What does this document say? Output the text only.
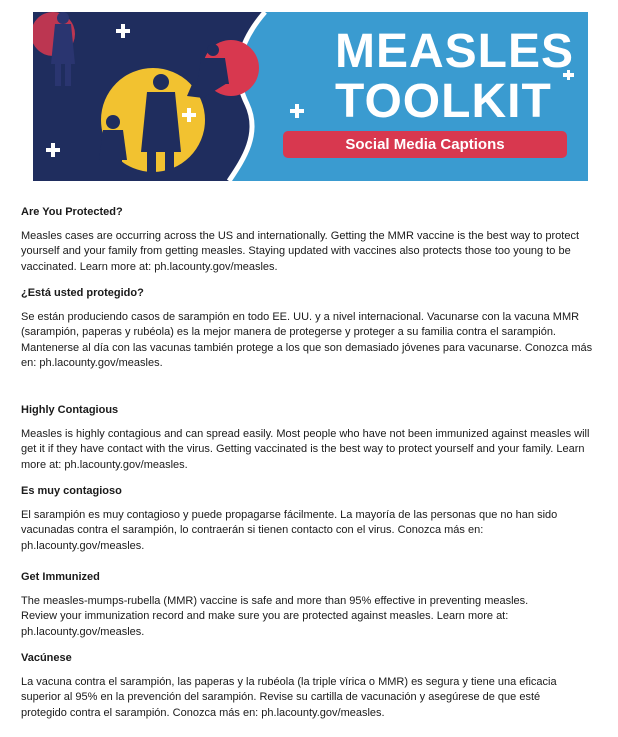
MEASLES
TOOLKIT
Social Media Captions
Are You Protected?

Measles cases are occurring across the US and internationally. Getting the MMR vaccine is the best way to protect yourself and your family from getting measles. Staying updated with vaccines also protects those too young to be vaccinated. Learn more at: ph.lacounty.gov/measles.

¿Está usted protegido?

Se están produciendo casos de sarampión en todo EE. UU. y a nivel internacional. Vacunarse con la vacuna MMR (sarampión, paperas y rubéola) es la mejor manera de protegerse y proteger a su familia contra el sarampión. Mantenerse al día con las vacunas también protege a los que son demasiado jóvenes para vacunarse. Conozca más en: ph.lacounty.gov/measles.

Highly Contagious

Measles is highly contagious and can spread easily. Most people who have not been immunized against measles will get it if they have contact with the virus. Getting vaccinated is the best way to protect yourself and your family. Learn more at: ph.lacounty.gov/measles.

Es muy contagioso

El sarampión es muy contagioso y puede propagarse fácilmente. La mayoría de las personas que no han sido vacunadas contra el sarampión, lo contraerán si tienen contacto con el virus. Conozca más en: ph.lacounty.gov/measles.

Get Immunized

The measles-mumps-rubella (MMR) vaccine is safe and more than 95% effective in preventing measles. Review your immunization record and make sure you are protected against measles. Learn more at: ph.lacounty.gov/measles.

Vacúnese

La vacuna contra el sarampión, las paperas y la rubéola (la triple vírica o MMR) es segura y tiene una eficacia superior al 95% en la prevención del sarampión. Revise su cartilla de vacunación y asegúrese de que esté protegido contra el sarampión. Conozca más en: ph.lacounty.gov/measles.
